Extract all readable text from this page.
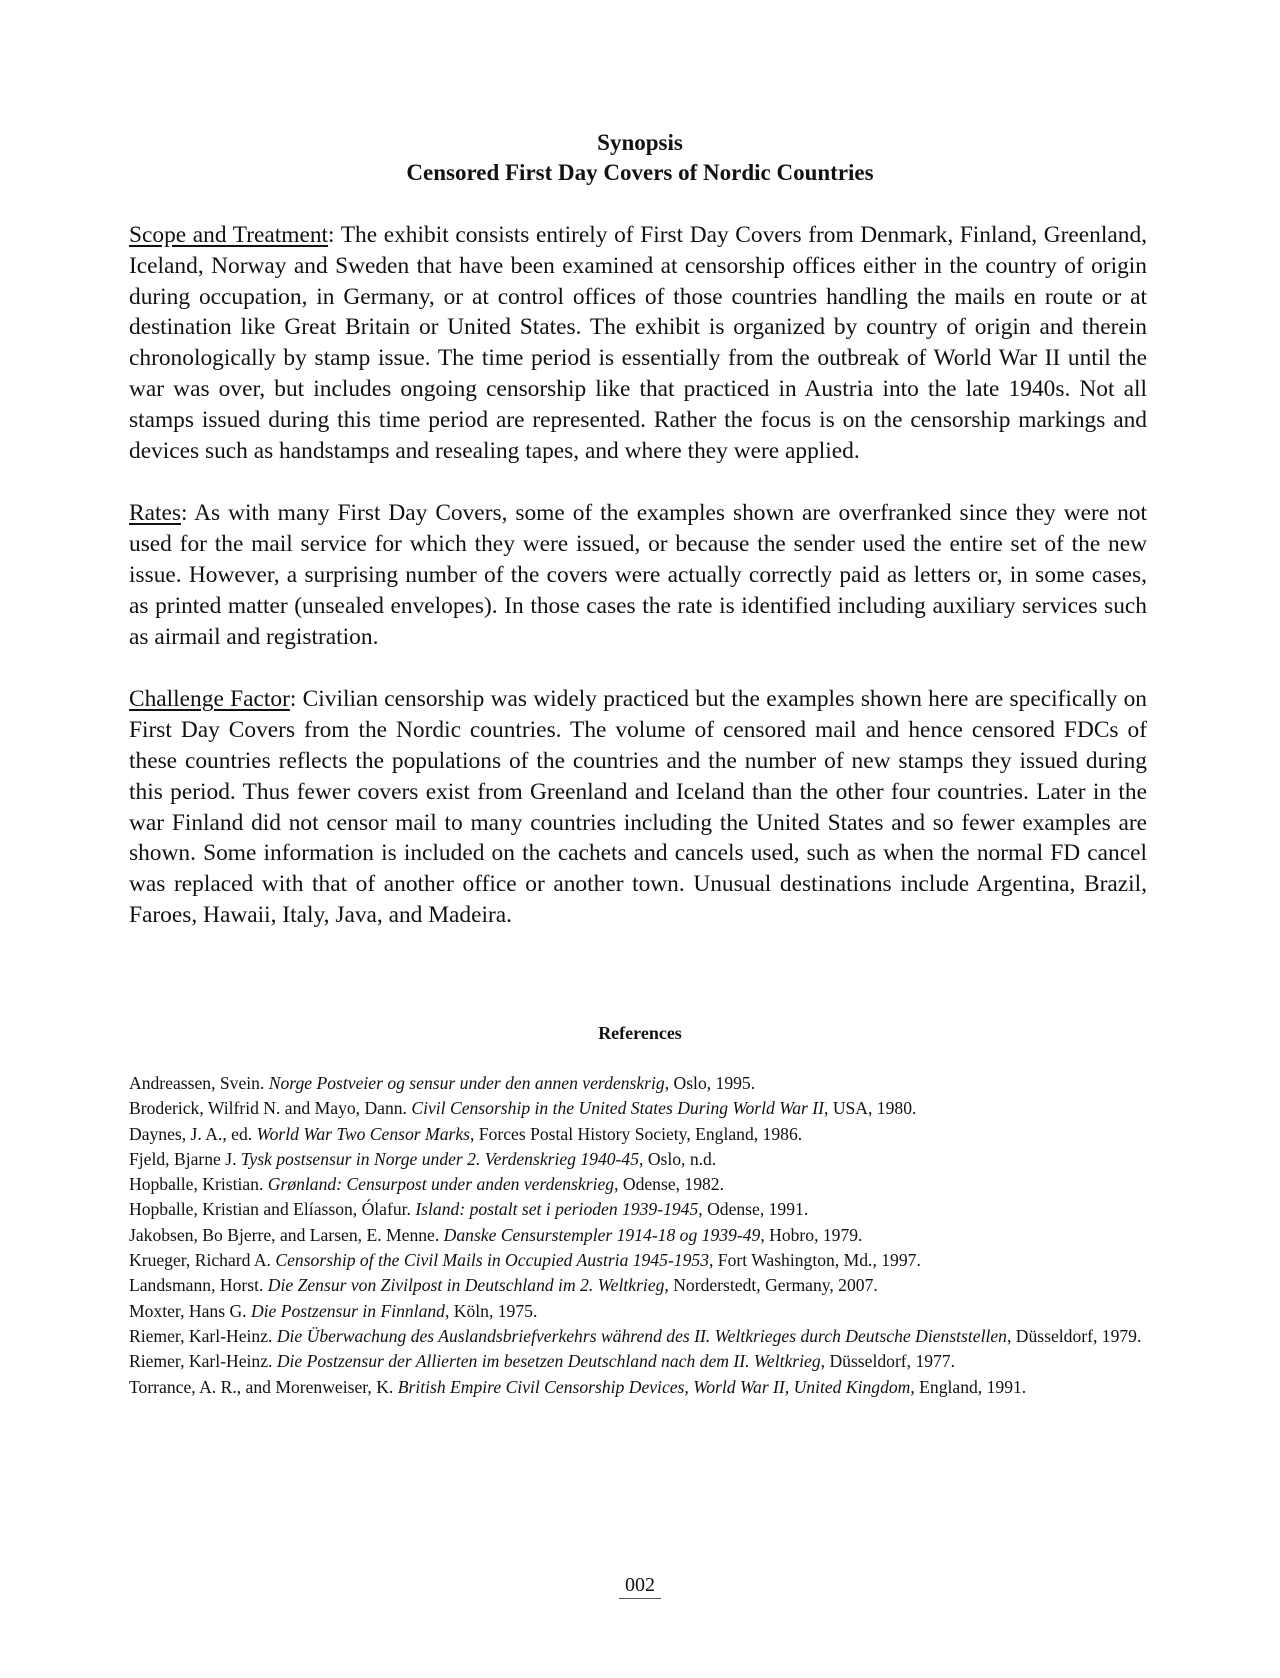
Synopsis
Censored First Day Covers of Nordic Countries

Scope and Treatment: The exhibit consists entirely of First Day Covers from Denmark, Finland, Greenland, Iceland, Norway and Sweden that have been examined at censorship offices either in the country of origin during occupation, in Germany, or at control offices of those countries handling the mails en route or at destination like Great Britain or United States. The exhibit is organized by country of origin and therein chronologically by stamp issue. The time period is essentially from the outbreak of World War II until the war was over, but includes ongoing censorship like that practiced in Austria into the late 1940s. Not all stamps issued during this time period are represented. Rather the focus is on the censorship markings and devices such as handstamps and resealing tapes, and where they were applied.

Rates: As with many First Day Covers, some of the examples shown are overfranked since they were not used for the mail service for which they were issued, or because the sender used the entire set of the new issue. However, a surprising number of the covers were actually correctly paid as letters or, in some cases, as printed matter (unsealed envelopes). In those cases the rate is identified including auxiliary services such as airmail and registration.

Challenge Factor: Civilian censorship was widely practiced but the examples shown here are specifically on First Day Covers from the Nordic countries. The volume of censored mail and hence censored FDCs of these countries reflects the populations of the countries and the number of new stamps they issued during this period. Thus fewer covers exist from Greenland and Iceland than the other four countries. Later in the war Finland did not censor mail to many countries including the United States and so fewer examples are shown. Some information is included on the cachets and cancels used, such as when the normal FD cancel was replaced with that of another office or another town. Unusual destinations include Argentina, Brazil, Faroes, Hawaii, Italy, Java, and Madeira.

References
Andreassen, Svein. Norge Postveier og sensur under den annen verdenskrig, Oslo, 1995.
Broderick, Wilfrid N. and Mayo, Dann. Civil Censorship in the United States During World War II, USA, 1980.
Daynes, J. A., ed. World War Two Censor Marks, Forces Postal History Society, England, 1986.
Fjeld, Bjarne J. Tysk postsensur in Norge under 2. Verdenskrieg 1940-45, Oslo, n.d.
Hopballe, Kristian. Grønland: Censurpost under anden verdenskrieg, Odense, 1982.
Hopballe, Kristian and Elíasson, Ólafur. Island: postalt set i perioden 1939-1945, Odense, 1991.
Jakobsen, Bo Bjerre, and Larsen, E. Menne. Danske Censurstempler 1914-18 og 1939-49, Hobro, 1979.
Krueger, Richard A. Censorship of the Civil Mails in Occupied Austria 1945-1953, Fort Washington, Md., 1997.
Landsmann, Horst. Die Zensur von Zivilpost in Deutschland im 2. Weltkrieg, Norderstedt, Germany, 2007.
Moxter, Hans G. Die Postzensur in Finnland, Köln, 1975.
Riemer, Karl-Heinz. Die Überwachung des Auslandsbriefverkehrs während des II. Weltkrieges durch Deutsche Dienststellen, Düsseldorf, 1979.
Riemer, Karl-Heinz. Die Postzensur der Allierten im besetzen Deutschland nach dem II. Weltkrieg, Düsseldorf, 1977.
Torrance, A. R., and Morenweiser, K. British Empire Civil Censorship Devices, World War II, United Kingdom, England, 1991.
002
